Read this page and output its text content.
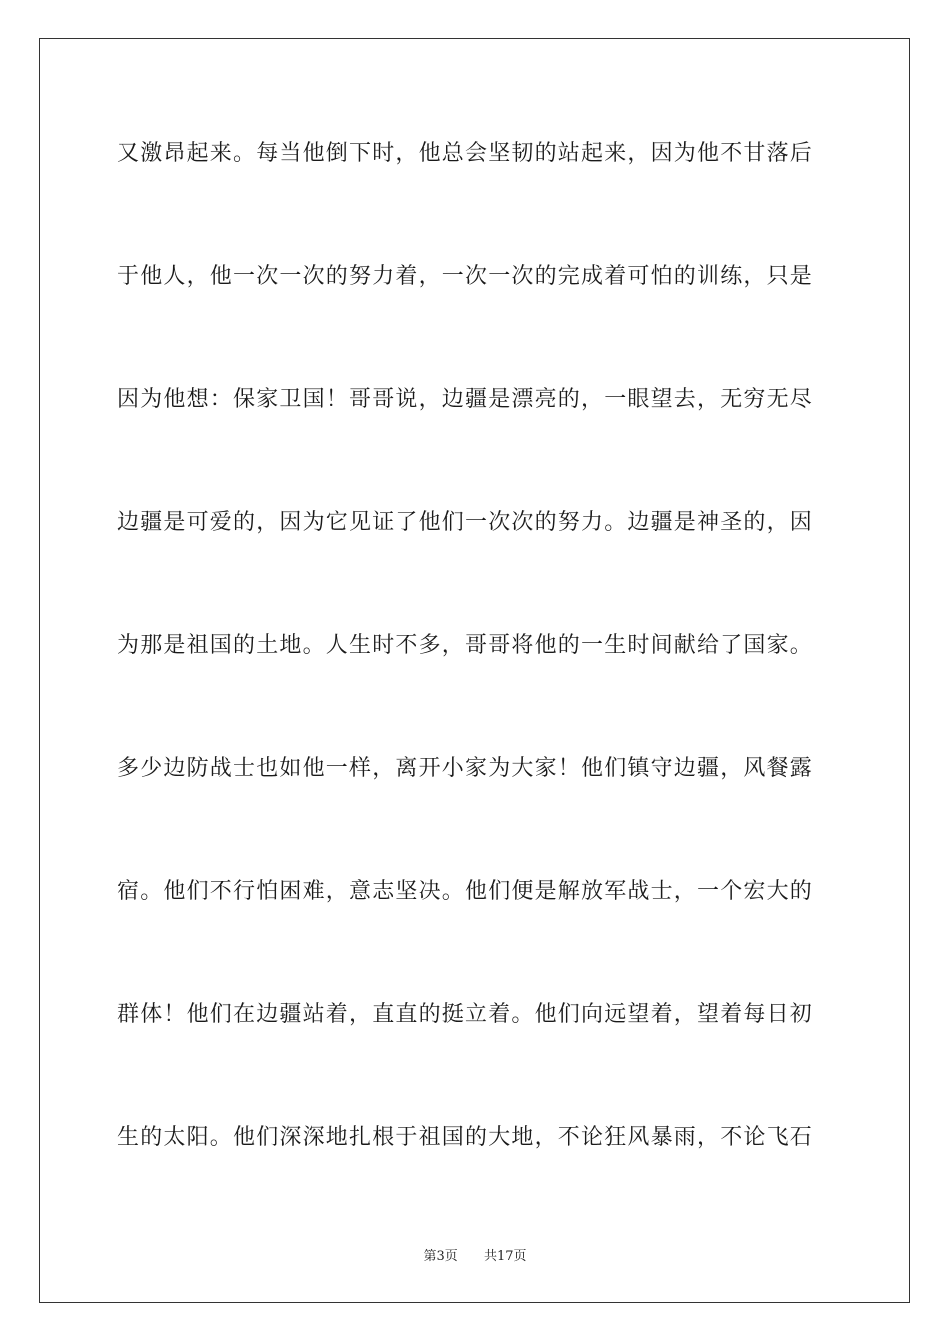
又激昂起来。每当他倒下时，他总会坚韧的站起来，因为他不甘落后
于他人，他一次一次的努力着，一次一次的完成着可怕的训练，只是
因为他想：保家卫国！哥哥说，边疆是漂亮的，一眼望去，无穷无尽
边疆是可爱的，因为它见证了他们一次次的努力。边疆是神圣的，因
为那是祖国的土地。人生时不多，哥哥将他的一生时间献给了国家。
多少边防战士也如他一样，离开小家为大家！他们镇守边疆，风餐露
宿。他们不行怕困难，意志坚决。他们便是解放军战士，一个宏大的
群体！他们在边疆站着，直直的挺立着。他们向远望着，望着每日初
生的太阳。他们深深地扎根于祖国的大地，不论狂风暴雨，不论飞石
第3页 共17页
